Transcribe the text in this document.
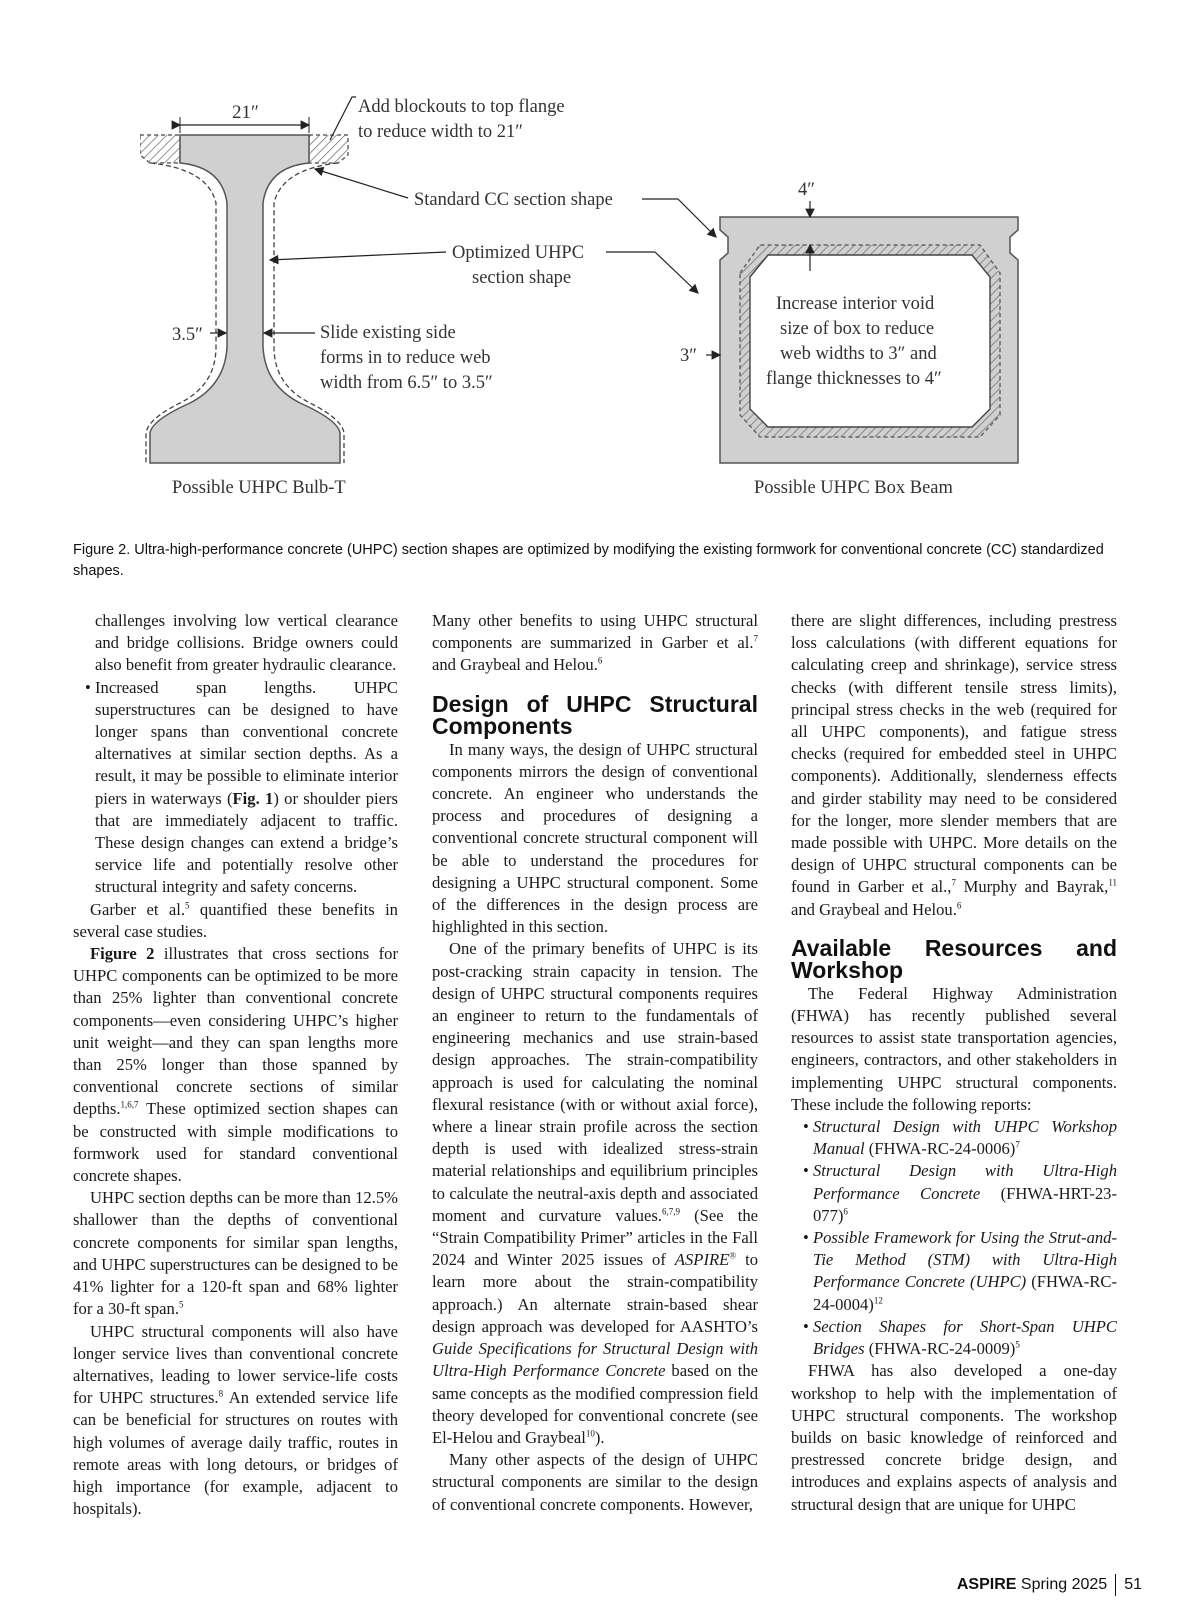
21″	Add blockouts to top flange
to reduce width to 21″
Standard CC section shape
Optimized UHPC
section shape
3.5″	Slide existing side
forms in to reduce web
width from 6.5″ to 3.5″
Possible UHPC Bulb-T
4″
3″
Increase interior void
size of box to reduce
web widths to 3″ and
flange thicknesses to 4″
Possible UHPC Box Beam
Figure 2. Ultra-high-performance concrete (UHPC) section shapes are optimized by modifying the existing formwork for conventional concrete (CC) standardized shapes.

challenges involving low vertical clearance and bridge collisions. Bridge owners could also benefit from greater hydraulic clearance.

• Increased span lengths. UHPC superstructures can be designed to have longer spans than conventional concrete alternatives at similar section depths. As a result, it may be possible to eliminate interior piers in waterways (Fig. 1) or shoulder piers that are immediately adjacent to traffic. These design changes can extend a bridge’s service life and potentially resolve other structural integrity and safety concerns.

Garber et al.$^5$ quantified these benefits in several case studies.

Figure 2 illustrates that cross sections for UHPC components can be optimized to be more than 25% lighter than conventional concrete components—even considering UHPC’s higher unit weight—and they can span lengths more than 25% longer than those spanned by conventional concrete sections of similar depths.$^{1,6,7}$ These optimized section shapes can be constructed with simple modifications to formwork used for standard conventional concrete shapes.

UHPC section depths can be more than 12.5% shallower than the depths of conventional concrete components for similar span lengths, and UHPC superstructures can be designed to be 41% lighter for a 120-ft span and 68% lighter for a 30-ft span.$^5$

UHPC structural components will also have longer service lives than conventional concrete alternatives, leading to lower service-life costs for UHPC structures.$^8$ An extended service life can be beneficial for structures on routes with high volumes of average daily traffic, routes in remote areas with long detours, or bridges of high importance (for example, adjacent to hospitals).

Many other benefits to using UHPC structural components are summarized in Garber et al.$^7$ and Graybeal and Helou.$^6$

Design of UHPC Structural Components

In many ways, the design of UHPC structural components mirrors the design of conventional concrete. An engineer who understands the process and procedures of designing a conventional concrete structural component will be able to understand the procedures for designing a UHPC structural component. Some of the differences in the design process are highlighted in this section.

One of the primary benefits of UHPC is its post-cracking strain capacity in tension. The design of UHPC structural components requires an engineer to return to the fundamentals of engineering mechanics and use strain-based design approaches. The strain-compatibility approach is used for calculating the nominal flexural resistance (with or without axial force), where a linear strain profile across the section depth is used with idealized stress-strain material relationships and equilibrium principles to calculate the neutral-axis depth and associated moment and curvature values.$^{6,7,9}$ (See the “Strain Compatibility Primer” articles in the Fall 2024 and Winter 2025 issues of ASPIRE® to learn more about the strain-compatibility approach.) An alternate strain-based shear design approach was developed for AASHTO’s Guide Specifications for Structural Design with Ultra-High Performance Concrete based on the same concepts as the modified compression field theory developed for conventional concrete (see El-Helou and Graybeal$^{10}$).

Many other aspects of the design of UHPC structural components are similar to the design of conventional concrete components. However,

there are slight differences, including prestress loss calculations (with different equations for calculating creep and shrinkage), service stress checks (with different tensile stress limits), principal stress checks in the web (required for all UHPC components), and fatigue stress checks (required for embedded steel in UHPC components). Additionally, slenderness effects and girder stability may need to be considered for the longer, more slender members that are made possible with UHPC. More details on the design of UHPC structural components can be found in Garber et al.,$^7$ Murphy and Bayrak,$^{11}$ and Graybeal and Helou.$^6$

Available Resources and Workshop

The Federal Highway Administration (FHWA) has recently published several resources to assist state transportation agencies, engineers, contractors, and other stakeholders in implementing UHPC structural components. These include the following reports:

• Structural Design with UHPC Workshop Manual (FHWA-RC-24-0006)$^7$

• Structural Design with Ultra-High Performance Concrete (FHWA-HRT-23-077)$^6$

• Possible Framework for Using the Strut-and-Tie Method (STM) with Ultra-High Performance Concrete (UHPC) (FHWA-RC-24-0004)$^{12}$

• Section Shapes for Short-Span UHPC Bridges (FHWA-RC-24-0009)$^5$

FHWA has also developed a one-day workshop to help with the implementation of UHPC structural components. The workshop builds on basic knowledge of reinforced and prestressed concrete bridge design, and introduces and explains aspects of analysis and structural design that are unique for UHPC

ASPIRE Spring 2025 51
